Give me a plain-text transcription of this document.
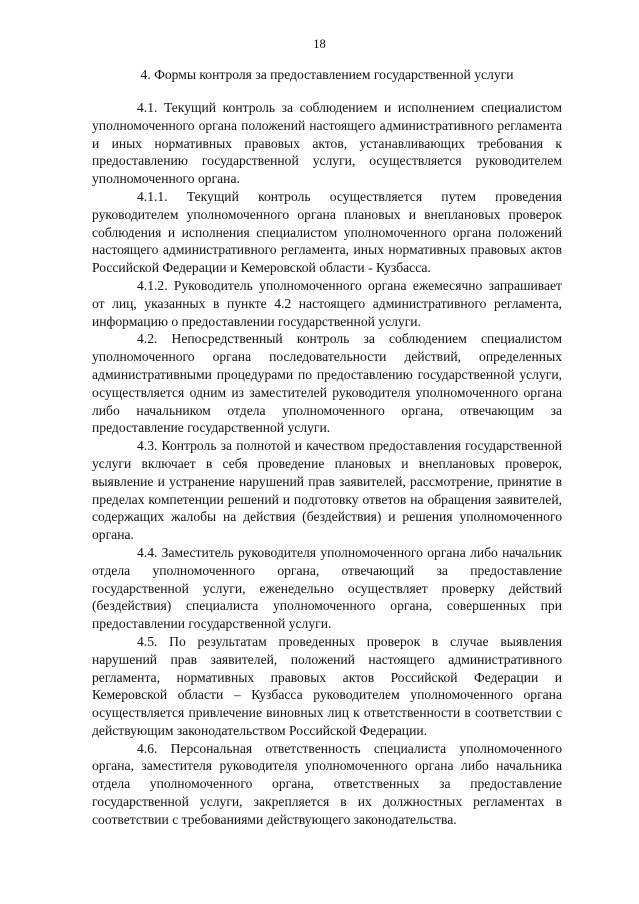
18
4. Формы контроля за предоставлением государственной услуги

4.1. Текущий контроль за соблюдением и исполнением специалистом уполномоченного органа положений настоящего административного регламента и иных нормативных правовых актов, устанавливающих требования к предоставлению государственной услуги, осуществляется руководителем уполномоченного органа.

4.1.1. Текущий контроль осуществляется путем проведения руководителем уполномоченного органа плановых и внеплановых проверок соблюдения и исполнения специалистом уполномоченного органа положений настоящего административного регламента, иных нормативных правовых актов Российской Федерации и Кемеровской области - Кузбасса.

4.1.2. Руководитель уполномоченного органа ежемесячно запрашивает от лиц, указанных в пункте 4.2 настоящего административного регламента, информацию о предоставлении государственной услуги.

4.2. Непосредственный контроль за соблюдением специалистом уполномоченного органа последовательности действий, определенных административными процедурами по предоставлению государственной услуги, осуществляется одним из заместителей руководителя уполномоченного органа либо начальником отдела уполномоченного органа, отвечающим за предоставление государственной услуги.

4.3. Контроль за полнотой и качеством предоставления государственной услуги включает в себя проведение плановых и внеплановых проверок, выявление и устранение нарушений прав заявителей, рассмотрение, принятие в пределах компетенции решений и подготовку ответов на обращения заявителей, содержащих жалобы на действия (бездействия) и решения уполномоченного органа.

4.4. Заместитель руководителя уполномоченного органа либо начальник отдела уполномоченного органа, отвечающий за предоставление государственной услуги, еженедельно осуществляет проверку действий (бездействия) специалиста уполномоченного органа, совершенных при предоставлении государственной услуги.

4.5. По результатам проведенных проверок в случае выявления нарушений прав заявителей, положений настоящего административного регламента, нормативных правовых актов Российской Федерации и Кемеровской области – Кузбасса руководителем уполномоченного органа осуществляется привлечение виновных лиц к ответственности в соответствии с действующим законодательством Российской Федерации.

4.6. Персональная ответственность специалиста уполномоченного органа, заместителя руководителя уполномоченного органа либо начальника отдела уполномоченного органа, ответственных за предоставление государственной услуги, закрепляется в их должностных регламентах в соответствии с требованиями действующего законодательства.
